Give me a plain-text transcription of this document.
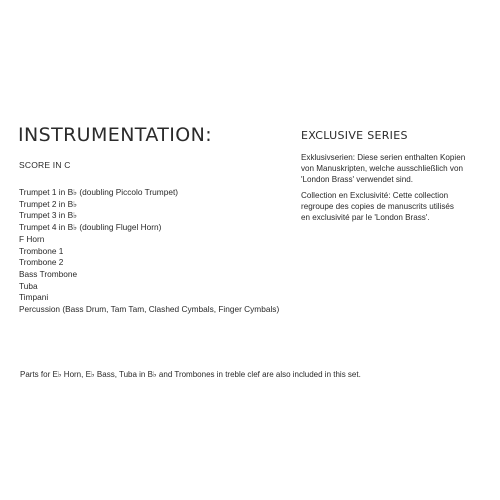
INSTRUMENTATION:
SCORE IN C
Trumpet 1 in B♭ (doubling Piccolo Trumpet)
Trumpet 2 in B♭
Trumpet 3 in B♭
Trumpet 4 in B♭ (doubling Flugel Horn)
F Horn
Trombone 1
Trombone 2
Bass Trombone
Tuba
Timpani
Percussion (Bass Drum, Tam Tam, Clashed Cymbals, Finger Cymbals)
EXCLUSIVE SERIES

Exklusivserien: Diese serien enthalten Kopien
von Manuskripten, welche ausschließlich von
'London Brass' verwendet sind.

Collection en Exclusivité: Cette collection
regroupe des copies de manuscrits utilisés
en exclusivité par le 'London Brass'.

Parts for E♭ Horn, E♭ Bass, Tuba in B♭ and Trombones in treble clef are also included in this set.
